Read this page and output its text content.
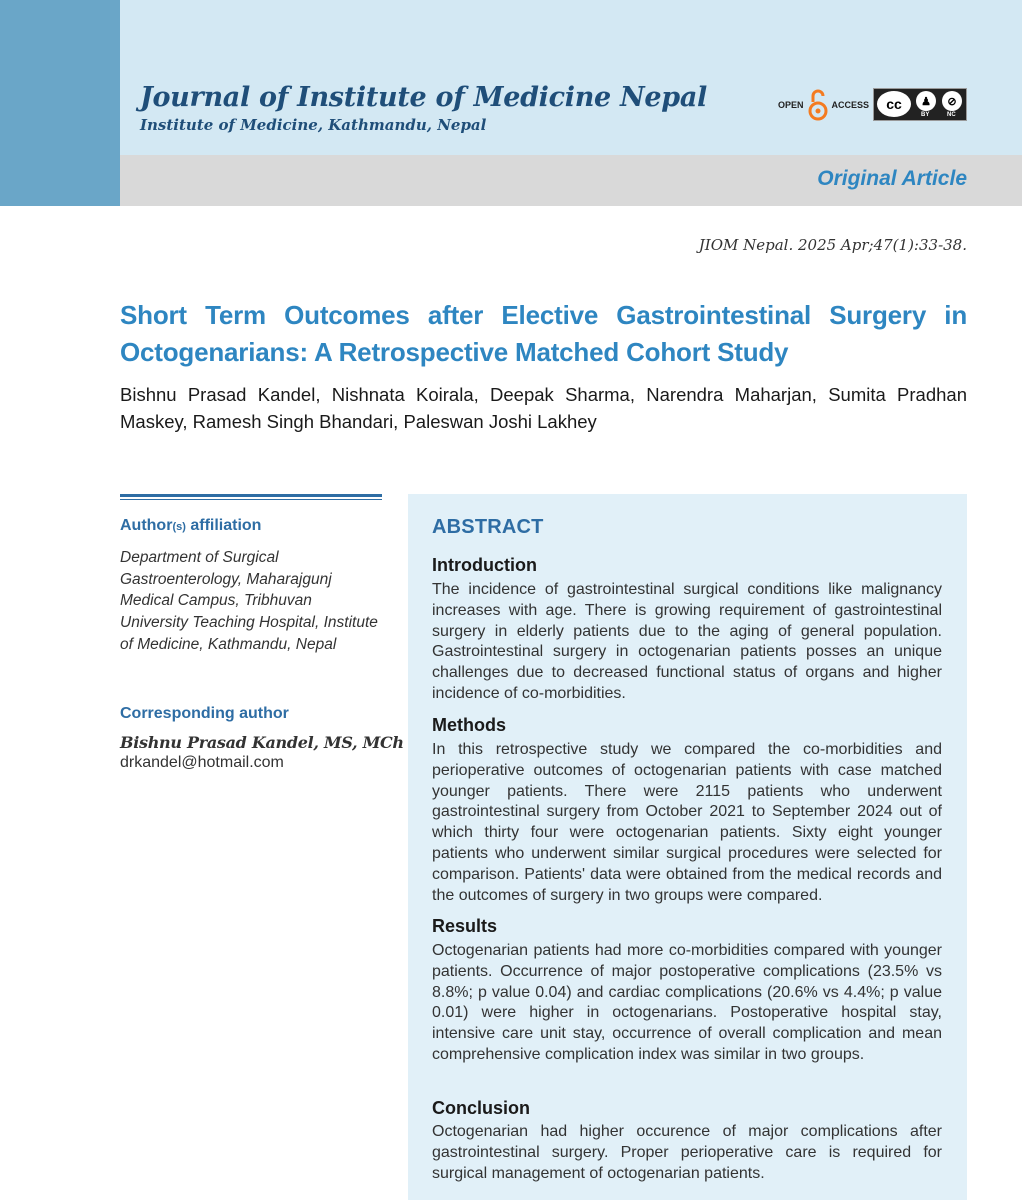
Journal of Institute of Medicine Nepal
Institute of Medicine, Kathmandu, Nepal
OPEN	ACCESS	cc	♟	⊘
BY	NC
Original Article
JIOM Nepal. 2025 Apr;47(1):33-38.
Short Term Outcomes after Elective Gastrointestinal Surgery in Octogenarians: A Retrospective Matched Cohort Study
Bishnu Prasad Kandel, Nishnata Koirala, Deepak Sharma, Narendra Maharjan, Sumita Pradhan Maskey, Ramesh Singh Bhandari, Paleswan Joshi Lakhey
Author(s) affiliation
Department of Surgical Gastroenterology, Maharajgunj Medical Campus, Tribhuvan University Teaching Hospital, Institute of Medicine, Kathmandu, Nepal
Corresponding author
Bishnu Prasad Kandel, MS, MCh
drkandel@hotmail.com
ABSTRACT
Introduction

The incidence of gastrointestinal surgical conditions like malignancy increases with age. There is growing requirement of gastrointestinal surgery in elderly patients due to the aging of general population. Gastrointestinal surgery in octogenarian patients posses an unique challenges due to decreased functional status of organs and higher incidence of co-morbidities.

Methods

In this retrospective study we compared the co-morbidities and perioperative outcomes of octogenarian patients with case matched younger patients. There were 2115 patients who underwent gastrointestinal surgery from October 2021 to September 2024 out of which thirty four were octogenarian patients. Sixty eight younger patients who underwent similar surgical procedures were selected for comparison. Patients' data were obtained from the medical records and the outcomes of surgery in two groups were compared.

Results

Octogenarian patients had more co-morbidities compared with younger patients. Occurrence of major postoperative complications (23.5% vs 8.8%; p value 0.04) and cardiac complications (20.6% vs 4.4%; p value 0.01) were higher in octogenarians. Postoperative hospital stay, intensive care unit stay, occurrence of overall complication and mean comprehensive complication index was similar in two groups.

Conclusion

Octogenarian had higher occurence of major complications after gastrointestinal surgery. Proper perioperative care is required for surgical management of octogenarian patients.
